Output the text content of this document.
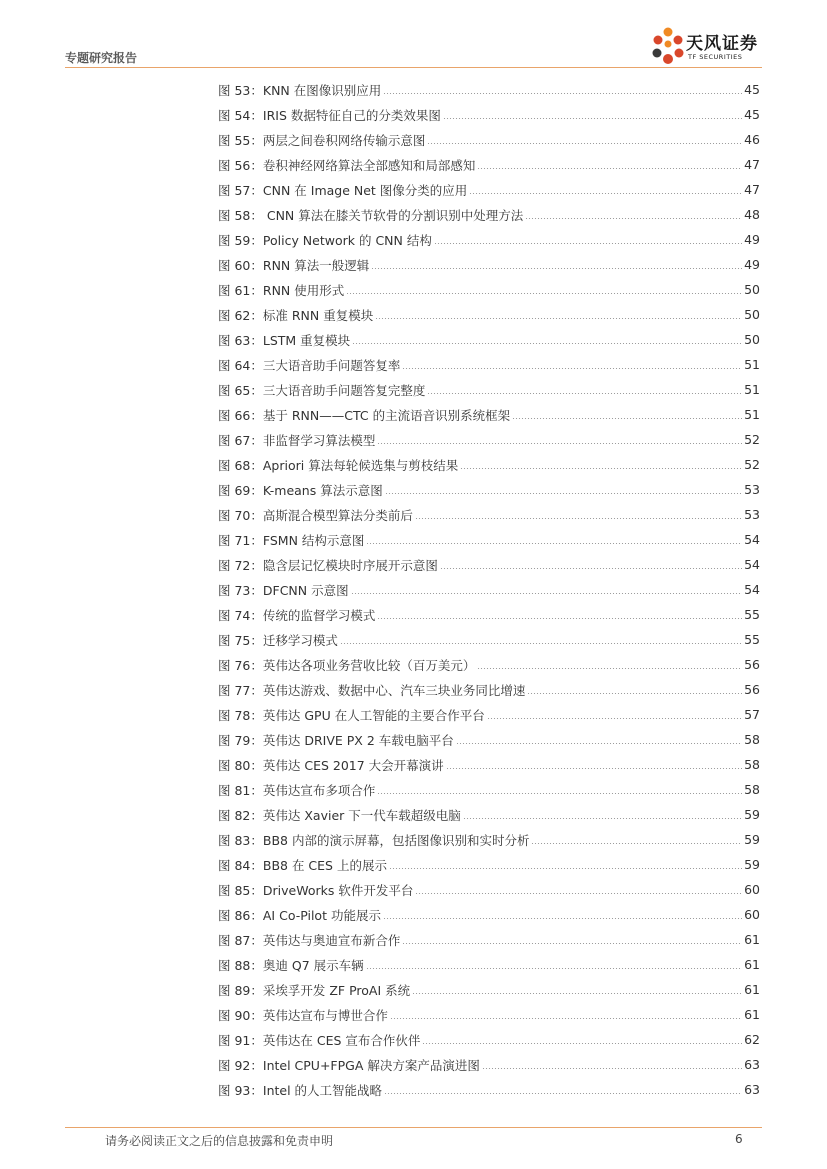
专题研究报告
天风证券
TF SECURITIES
图 53：KNN 在图像识别应用	45
图 54：IRIS 数据特征自己的分类效果图	45
图 55：两层之间卷积网络传输示意图	46
图 56：卷积神经网络算法全部感知和局部感知	47
图 57：CNN 在 Image Net 图像分类的应用	47
图 58： CNN 算法在膝关节软骨的分割识别中处理方法	48
图 59：Policy Network 的 CNN 结构	49
图 60：RNN 算法一般逻辑	49
图 61：RNN 使用形式	50
图 62：标准 RNN 重复模块	50
图 63：LSTM 重复模块	50
图 64：三大语音助手问题答复率	51
图 65：三大语音助手问题答复完整度	51
图 66：基于 RNN——CTC 的主流语音识别系统框架	51
图 67：非监督学习算法模型	52
图 68：Apriori 算法每轮候选集与剪枝结果	52
图 69：K-means 算法示意图	53
图 70：高斯混合模型算法分类前后	53
图 71：FSMN 结构示意图	54
图 72：隐含层记忆模块时序展开示意图	54
图 73：DFCNN 示意图	54
图 74：传统的监督学习模式	55
图 75：迁移学习模式	55
图 76：英伟达各项业务营收比较（百万美元）	56
图 77：英伟达游戏、数据中心、汽车三块业务同比增速	56
图 78：英伟达 GPU 在人工智能的主要合作平台	57
图 79：英伟达 DRIVE PX 2 车载电脑平台	58
图 80：英伟达 CES 2017 大会开幕演讲	58
图 81：英伟达宣布多项合作	58
图 82：英伟达 Xavier 下一代车载超级电脑	59
图 83：BB8 内部的演示屏幕，包括图像识别和实时分析	59
图 84：BB8 在 CES 上的展示	59
图 85：DriveWorks 软件开发平台	60
图 86：AI Co-Pilot 功能展示	60
图 87：英伟达与奥迪宣布新合作	61
图 88：奥迪 Q7 展示车辆	61
图 89：采埃孚开发 ZF ProAI 系统	61
图 90：英伟达宣布与博世合作	61
图 91：英伟达在 CES 宣布合作伙伴	62
图 92：Intel CPU+FPGA 解决方案产品演进图	63
图 93：Intel 的人工智能战略	63
请务必阅读正文之后的信息披露和免责申明	6
